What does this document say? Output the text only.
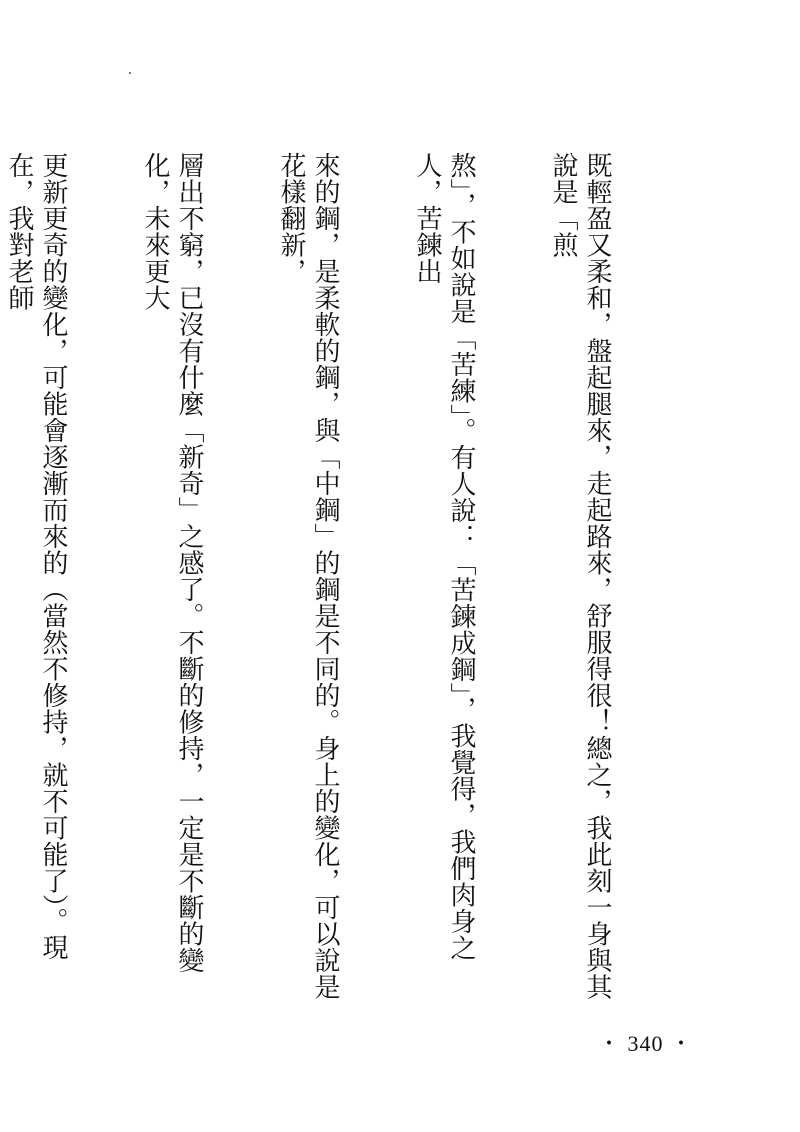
既輕盈又柔和，盤起腿來，走起路來，舒服得很！總之，我此刻一身與其說是「煎

熬」，不如說是「苦練」。有人說：「苦鍊成鋼」，我覺得，我們肉身之人，苦鍊出

來的鋼，是柔軟的鋼，與「中鋼」的鋼是不同的。身上的變化，可以說是花樣翻新，

層出不窮，已沒有什麼「新奇」之感了。不斷的修持，一定是不斷的變化，未來更大

更新更奇的變化，可能會逐漸而來的（當然不修持，就不可能了）。現在，我對老師

・ 340 ・
